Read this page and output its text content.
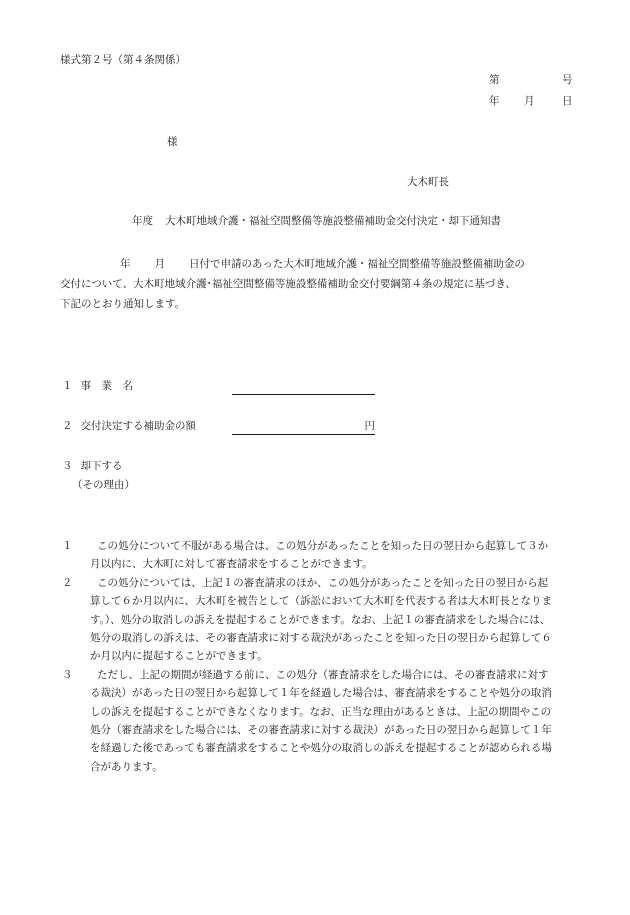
様式第２号（第４条関係）
第	号
年 月	日
様
大木町長
年度 大木町地域介護・福祉空間整備等施設整備補助金交付決定・却下通知書
年 月 日付で申請のあった大木町地域介護・福祉空間整備等施設整備補助金の
交付について、大木町地域介護･福祉空間整備等施設整備補助金交付要綱第４条の規定に基づき、
下記のとおり通知します。
１ 事　業　名
２ 交付決定する補助金の額	円
３ 却下する
（その理由）
１	この処分について不服がある場合は、この処分があったことを知った日の翌日から起算して３か
月以内に、大木町に対して審査請求をすることができます。
２	この処分については、上記１の審査請求のほか、この処分があったことを知った日の翌日から起
算して６か月以内に、大木町を被告として（訴訟において大木町を代表する者は大木町長となりま
す。）、処分の取消しの訴えを提起することができます。なお、上記１の審査請求をした場合には、
処分の取消しの訴えは、その審査請求に対する裁決があったことを知った日の翌日から起算して６
か月以内に提起することができます。
３	ただし、上記の期間が経過する前に、この処分（審査請求をした場合には、その審査請求に対す
る裁決）があった日の翌日から起算して１年を経過した場合は、審査請求をすることや処分の取消
しの訴えを提起することができなくなります。なお、正当な理由があるときは、上記の期間やこの
処分（審査請求をした場合には、その審査請求に対する裁決）があった日の翌日から起算して１年
を経過した後であっても審査請求をすることや処分の取消しの訴えを提起することが認められる場
合があります。
